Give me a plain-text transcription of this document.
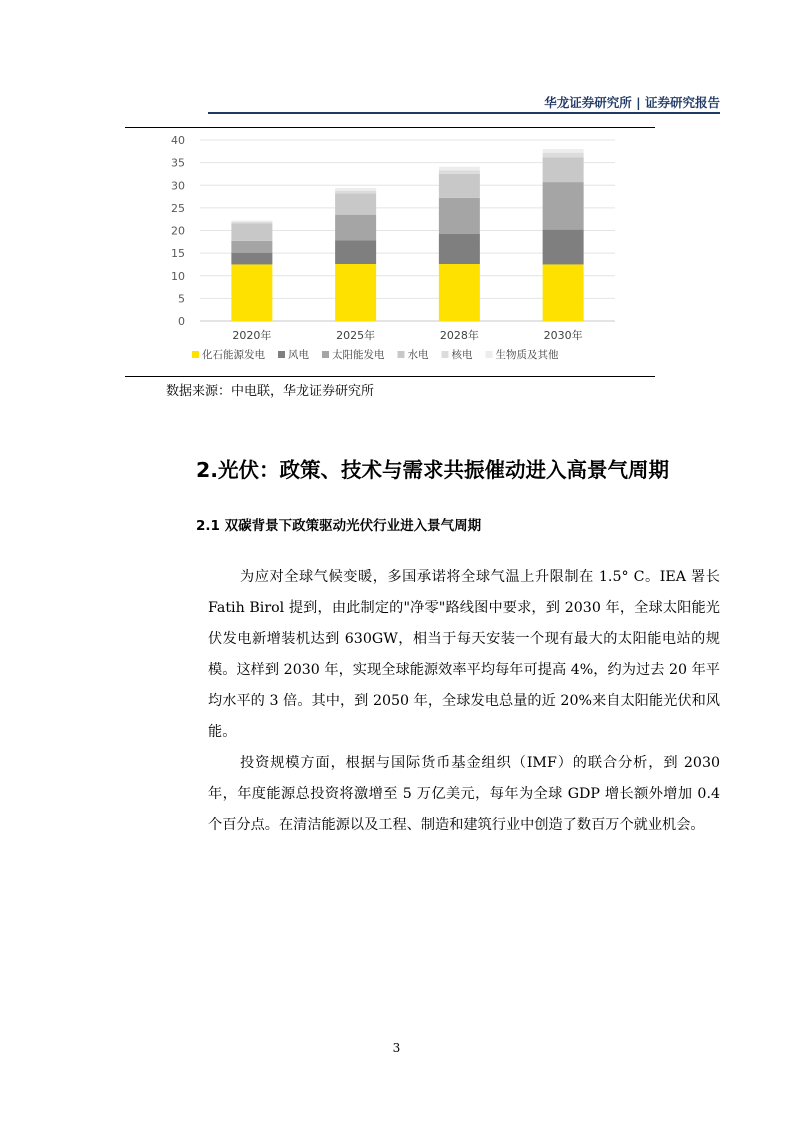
华龙证券研究所 | 证券研究报告
0
5
10
15
20
25
30
35
40
2020年	2025年	2028年	2030年
化石能源发电 风电 太阳能发电 水电 核电 生物质及其他
数据来源：中电联，华龙证券研究所
2.光伏：政策、技术与需求共振催动进入高景气周期
2.1 双碳背景下政策驱动光伏行业进入景气周期

为应对全球气候变暖，多国承诺将全球气温上升限制在 1.5° C。IEA 署长 Fatih Birol 提到，由此制定的"净零"路线图中要求，到 2030 年，全球太阳能光伏发电新增装机达到 630GW，相当于每天安装一个现有最大的太阳能电站的规模。这样到 2030 年，实现全球能源效率平均每年可提高 4%，约为过去 20 年平均水平的 3 倍。其中，到 2050 年，全球发电总量的近 20%来自太阳能光伏和风能。

投资规模方面，根据与国际货币基金组织（IMF）的联合分析，到 2030 年，年度能源总投资将激增至 5 万亿美元，每年为全球 GDP 增长额外增加 0.4 个百分点。在清洁能源以及工程、制造和建筑行业中创造了数百万个就业机会。

3
